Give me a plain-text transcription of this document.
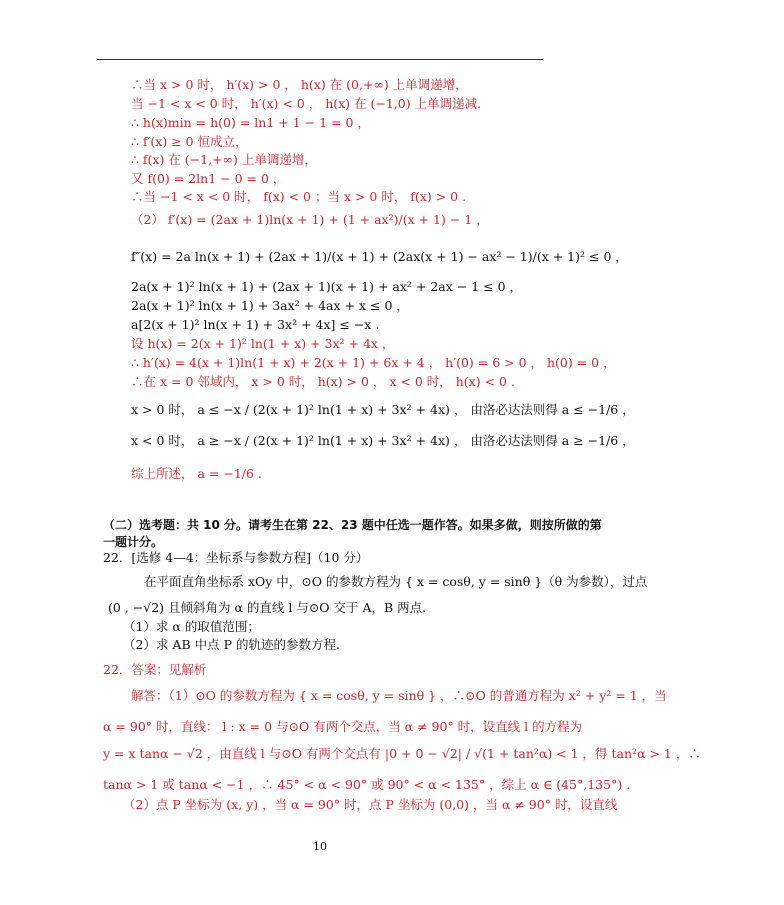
∴当 x > 0 时， h′(x) > 0 ， h(x) 在 (0,+∞) 上单调递增，
当 −1 < x < 0 时， h′(x) < 0 ， h(x) 在 (−1,0) 上单调递减.
∴ h(x)min = h(0) = ln1 + 1 − 1 = 0 ，
∴ f′(x) ≥ 0 恒成立，
∴ f(x) 在 (−1,+∞) 上单调递增，
又 f(0) = 2ln1 − 0 = 0 ，
∴当 −1 < x < 0 时， f(x) < 0 ；当 x > 0 时， f(x) > 0 .
（2） f′(x) = (2ax + 1)ln(x + 1) + (1 + ax²)/(x + 1) − 1 ，
f″(x) = 2a ln(x + 1) + (2ax + 1)/(x + 1) + (2ax(x + 1) − ax² − 1)/(x + 1)² ≤ 0 ，
2a(x + 1)² ln(x + 1) + (2ax + 1)(x + 1) + ax² + 2ax − 1 ≤ 0 ，
2a(x + 1)² ln(x + 1) + 3ax² + 4ax + x ≤ 0 ，
a[2(x + 1)² ln(x + 1) + 3x² + 4x] ≤ −x .
设 h(x) = 2(x + 1)² ln(1 + x) + 3x² + 4x ，
∴ h′(x) = 4(x + 1)ln(1 + x) + 2(x + 1) + 6x + 4 ， h′(0) = 6 > 0 ， h(0) = 0 ，
∴在 x = 0 邻域内， x > 0 时， h(x) > 0 ， x < 0 时， h(x) < 0 .
x > 0 时， a ≤ −x / (2(x + 1)² ln(1 + x) + 3x² + 4x) ， 由洛必达法则得 a ≤ −1/6 ，
x < 0 时， a ≥ −x / (2(x + 1)² ln(1 + x) + 3x² + 4x) ， 由洛必达法则得 a ≥ −1/6 ，
综上所述， a = −1/6 .
（二）选考题：共 10 分。请考生在第 22、23 题中任选一题作答。如果多做，则按所做的第
一题计分。
22．[选修 4—4：坐标系与参数方程]（10 分）
在平面直角坐标系 xOy 中，⊙O 的参数方程为 { x = cosθ, y = sinθ }（θ 为参数），过点
(0 , −√2) 且倾斜角为 α 的直线 l 与⊙O 交于 A，B 两点.
（1）求 α 的取值范围；
（2）求 AB 中点 P 的轨迹的参数方程.
22．答案：见解析
解答：（1）⊙O 的参数方程为 { x = cosθ, y = sinθ } ，∴⊙O 的普通方程为 x² + y² = 1 ，当
α = 90° 时，直线： l : x = 0 与⊙O 有两个交点，当 α ≠ 90° 时，设直线 l 的方程为
y = x tanα − √2 ，由直线 l 与⊙O 有两个交点有 |0 + 0 − √2| / √(1 + tan²α) < 1 ，得 tan²α > 1 ，∴
tanα > 1 或 tanα < −1 ，∴ 45° < α < 90° 或 90° < α < 135° ，综上 α ∈ (45°,135°) .
（2）点 P 坐标为 (x, y) ，当 α = 90° 时，点 P 坐标为 (0,0) ，当 α ≠ 90° 时，设直线
10
